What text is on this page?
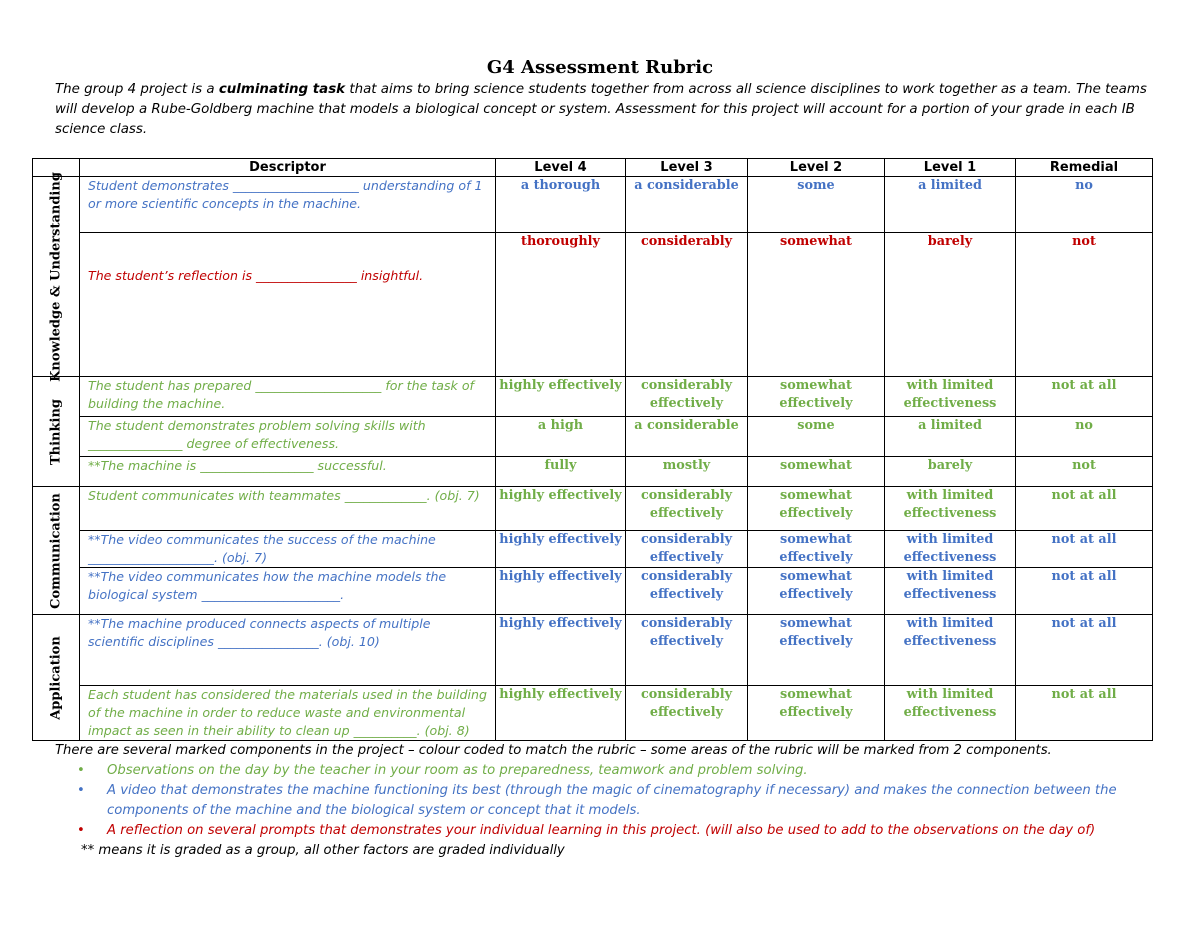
G4 Assessment Rubric
The group 4 project is a culminating task that aims to bring science students together from across all science disciplines to work together as a team. The teams will develop a Rube-Goldberg machine that models a biological concept or system. Assessment for this project will account for a portion of your grade in each IB science class.
	Descriptor	Level 4	Level 3	Level 2	Level 1	Remedial

Knowledge & Understanding	Student demonstrates ____________________ understanding of 1 or more scientific concepts in the machine.	a thorough	a considerable	some	a limited	no

	The student’s reflection is ________________ insightful.	thoroughly	considerably	somewhat	barely	not

Thinking	The student has prepared ____________________ for the task of building the machine.	highly effectively	considerably effectively	somewhat effectively	with limited effectiveness	not at all
	The student demonstrates problem solving skills with _______________ degree of effectiveness.	a high	a considerable	some	a limited	no
	**The machine is __________________ successful.	fully	mostly	somewhat	barely	not

Communication	Student communicates with teammates _____________. (obj. 7)	highly effectively	considerably effectively	somewhat effectively	with limited effectiveness	not at all
	**The video communicates the success of the machine ____________________. (obj. 7)	highly effectively	considerably effectively	somewhat effectively	with limited effectiveness	not at all
	**The video communicates how the machine models the biological system ______________________.	highly effectively	considerably effectively	somewhat effectively	with limited effectiveness	not at all

Application	**The machine produced connects aspects of multiple scientific disciplines ________________. (obj. 10)	highly effectively	considerably effectively	somewhat effectively	with limited effectiveness	not at all
	Each student has considered the materials used in the building of the machine in order to reduce waste and environmental impact as seen in their ability to clean up __________. (obj. 8)	highly effectively	considerably effectively	somewhat effectively	with limited effectiveness	not at all
There are several marked components in the project – colour coded to match the rubric – some areas of the rubric will be marked from 2 components.
• Observations on the day by the teacher in your room as to preparedness, teamwork and problem solving.
• A video that demonstrates the machine functioning its best (through the magic of cinematography if necessary) and makes the connection between the components of the machine and the biological system or concept that it models.
• A reflection on several prompts that demonstrates your individual learning in this project. (will also be used to add to the observations on the day of)
** means it is graded as a group, all other factors are graded individually
